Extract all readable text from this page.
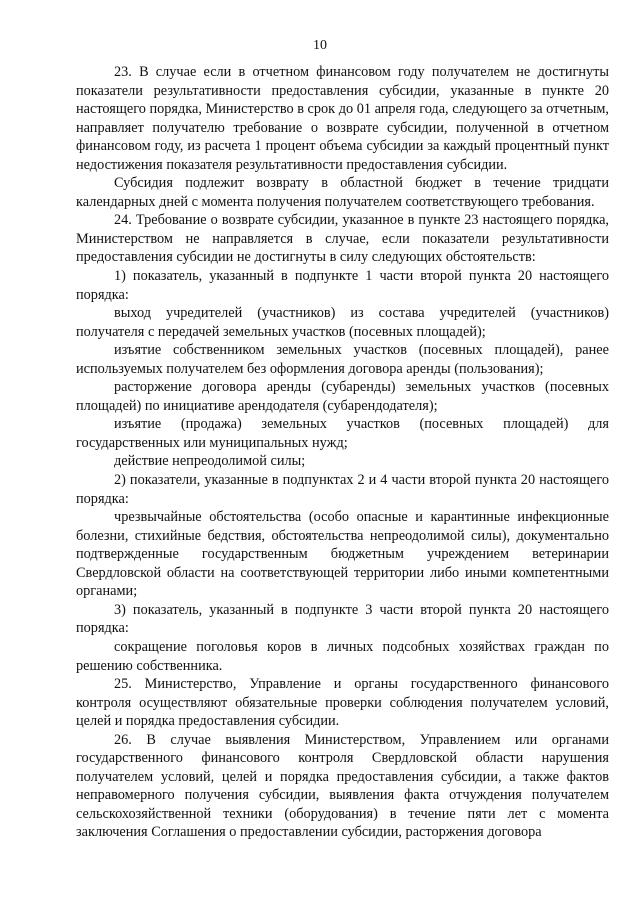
10

23. В случае если в отчетном финансовом году получателем не достигнуты показатели результативности предоставления субсидии, указанные в пункте 20 настоящего порядка, Министерство в срок до 01 апреля года, следующего за отчетным, направляет получателю требование о возврате субсидии, полученной в отчетном финансовом году, из расчета 1 процент объема субсидии за каждый процентный пункт недостижения показателя результативности предоставления субсидии.

Субсидия подлежит возврату в областной бюджет в течение тридцати календарных дней с момента получения получателем соответствующего требования.

24. Требование о возврате субсидии, указанное в пункте 23 настоящего порядка, Министерством не направляется в случае, если показатели результативности предоставления субсидии не достигнуты в силу следующих обстоятельств:

1) показатель, указанный в подпункте 1 части второй пункта 20 настоящего порядка:

выход учредителей (участников) из состава учредителей (участников) получателя с передачей земельных участков (посевных площадей);

изъятие собственником земельных участков (посевных площадей), ранее используемых получателем без оформления договора аренды (пользования);

расторжение договора аренды (субаренды) земельных участков (посевных площадей) по инициативе арендодателя (субарендодателя);

изъятие (продажа) земельных участков (посевных площадей) для государственных или муниципальных нужд;

действие непреодолимой силы;

2) показатели, указанные в подпунктах 2 и 4 части второй пункта 20 настоящего порядка:

чрезвычайные обстоятельства (особо опасные и карантинные инфекционные болезни, стихийные бедствия, обстоятельства непреодолимой силы), документально подтвержденные государственным бюджетным учреждением ветеринарии Свердловской области на соответствующей территории либо иными компетентными органами;

3) показатель, указанный в подпункте 3 части второй пункта 20 настоящего порядка:

сокращение поголовья коров в личных подсобных хозяйствах граждан по решению собственника.

25. Министерство, Управление и органы государственного финансового контроля осуществляют обязательные проверки соблюдения получателем условий, целей и порядка предоставления субсидии.

26. В случае выявления Министерством, Управлением или органами государственного финансового контроля Свердловской области нарушения получателем условий, целей и порядка предоставления субсидии, а также фактов неправомерного получения субсидии, выявления факта отчуждения получателем сельскохозяйственной техники (оборудования) в течение пяти лет с момента заключения Соглашения о предоставлении субсидии, расторжения договора
